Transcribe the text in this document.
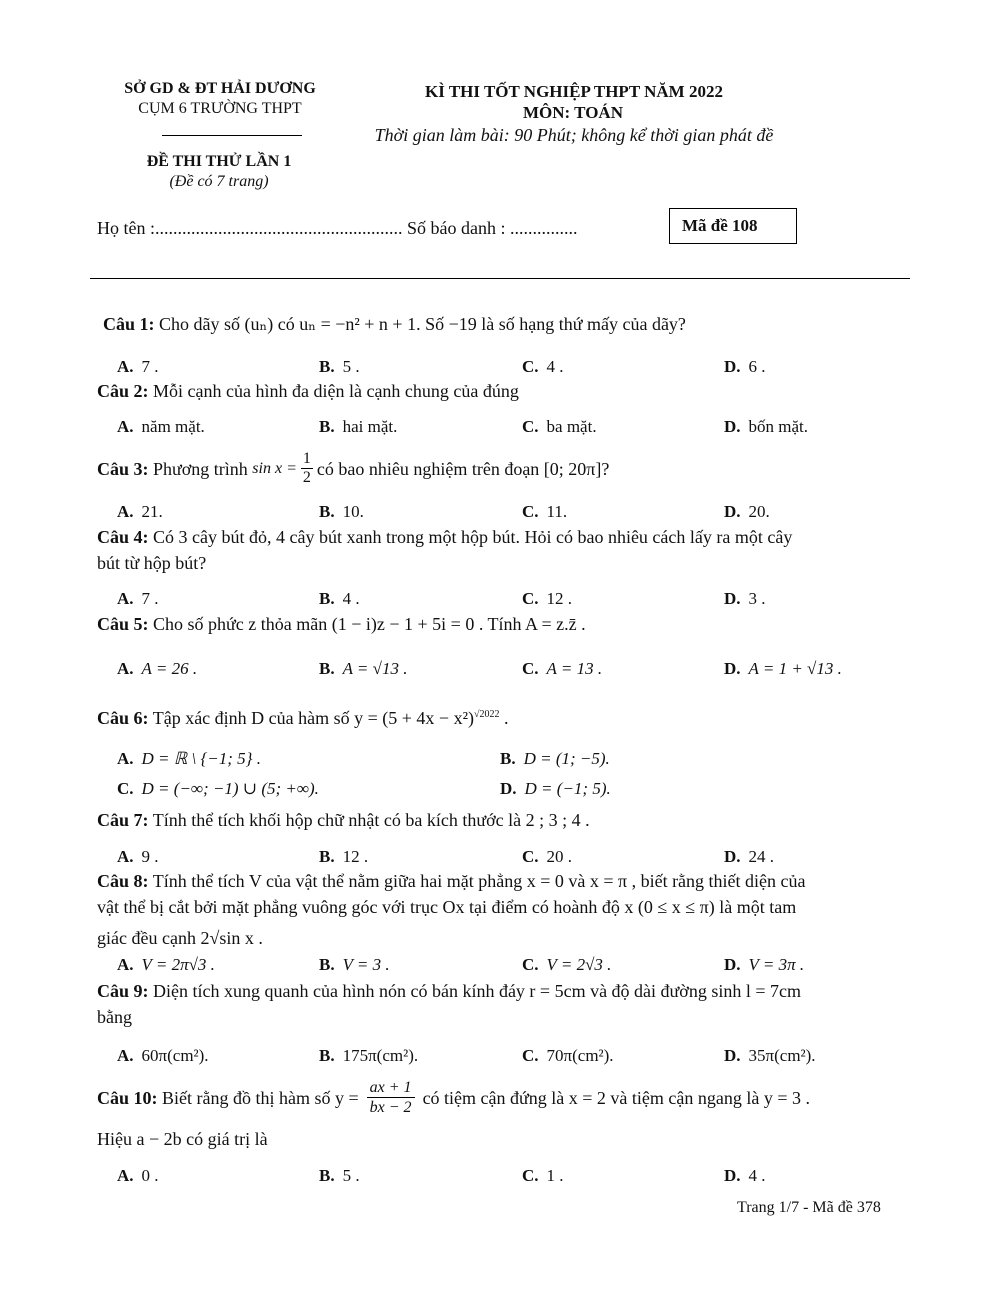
SỞ GD & ĐT HẢI DƯƠNG
CỤM 6 TRƯỜNG THPT
ĐỀ THI THỬ LẦN 1
(Đề có 7 trang)
KÌ THI TỐT NGHIỆP THPT NĂM 2022
MÔN: TOÁN
Thời gian làm bài: 90 Phút; không kể thời gian phát đề
Họ tên :....................................................... Số báo danh : ...............	Mã đề 108
Câu 1: Cho dãy số (uₙ) có uₙ = −n² + n + 1. Số −19 là số hạng thứ mấy của dãy?
A. 7 .	B. 5 .	C. 4 .	D. 6 .
Câu 2: Mỗi cạnh của hình đa diện là cạnh chung của đúng
A. năm mặt.	B. hai mặt.	C. ba mặt.	D. bốn mặt.
Câu 3:
Phương trình
$\sin x = \frac{1}{2}$ có bao nhiêu nghiệm trên đoạn [0; 20π]?
A. 21.	B. 10.	C. 11.	D. 20.
Câu 4: Có 3 cây bút đỏ, 4 cây bút xanh trong một hộp bút. Hỏi có bao nhiêu cách lấy ra một cây
bút từ hộp bút?
A. 7 .	B. 4 .	C. 12 .	D. 3 .
Câu 5: Cho số phức z thỏa mãn (1 − i)z − 1 + 5i = 0 . Tính A = z.z̄ .
A. A = 26 .	B. A = √13 .	C. A = 13 .	D. A = 1 + √13 .
Câu 6: Tập xác định D của hàm số $y = (5 + 4x - x^2)^{√2022}$ .
A. D = ℝ \ {−1; 5} .	B. D = (1; −5).
C. D = (−∞; −1) ∪ (5; +∞).	D. D = (−1; 5).
Câu 7: Tính thể tích khối hộp chữ nhật có ba kích thước là 2 ; 3 ; 4 .
A. 9 .	B. 12 .	C. 20 .	D. 24 .
Câu 8: Tính thể tích V của vật thể nằm giữa hai mặt phẳng x = 0 và x = π , biết rằng thiết diện của
vật thể bị cắt bởi mặt phẳng vuông góc với trục Ox tại điểm có hoành độ x (0 ≤ x ≤ π) là một tam
giác đều cạnh 2√sin x .
A. V = 2π√3 .	B. V = 3 .	C. V = 2√3 .	D. V = 3π .
Câu 9: Diện tích xung quanh của hình nón có bán kính đáy r = 5cm và độ dài đường sinh l = 7cm
bằng
A. 60π(cm²).	B. 175π(cm²).	C. 70π(cm²).	D. 35π(cm²).
Câu 10:
Biết rằng đồ thị hàm số $y = \frac{ax + 1}{bx - 2}$ có tiệm cận đứng là x = 2 và tiệm cận ngang là y = 3 .
Hiệu a − 2b có giá trị là
A. 0 .	B. 5 .	C. 1 .	D. 4 .
Trang 1/7 - Mã đề 378
